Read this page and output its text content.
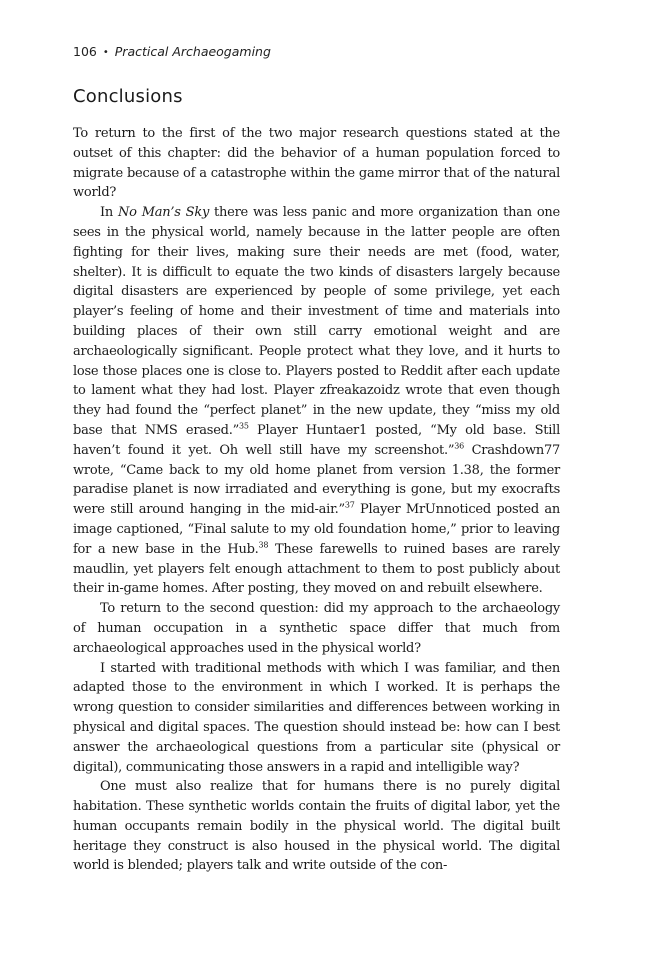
106 • Practical Archaeogaming
Conclusions

To return to the first of the two major research questions stated at the outset of this chapter: did the behavior of a human population forced to migrate because of a catastrophe within the game mirror that of the natural world?

In No Man’s Sky there was less panic and more organization than one sees in the physical world, namely because in the latter people are often fighting for their lives, making sure their needs are met (food, water, shelter). It is difficult to equate the two kinds of disasters largely because digital disasters are experienced by people of some privilege, yet each player’s feeling of home and their investment of time and materials into building places of their own still carry emotional weight and are archaeologically significant. People protect what they love, and it hurts to lose those places one is close to. Players posted to Reddit after each update to lament what they had lost. Player zfreakazoidz wrote that even though they had found the “perfect planet” in the new update, they “miss my old base that NMS erased.”$^{35}$ Player Huntaer1 posted, “My old base. Still haven’t found it yet. Oh well still have my screenshot.”$^{36}$ Crashdown77 wrote, “Came back to my old home planet from version 1.38, the former paradise planet is now irradiated and everything is gone, but my exocrafts were still around hanging in the mid-air.”$^{37}$ Player MrUnnoticed posted an image captioned, “Final salute to my old foundation home,” prior to leaving for a new base in the Hub.$^{38}$ These farewells to ruined bases are rarely maudlin, yet players felt enough attachment to them to post publicly about their in-game homes. After posting, they moved on and rebuilt elsewhere.

To return to the second question: did my approach to the archaeology of human occupation in a synthetic space differ that much from archaeological approaches used in the physical world?

I started with traditional methods with which I was familiar, and then adapted those to the environment in which I worked. It is perhaps the wrong question to consider similarities and differences between working in physical and digital spaces. The question should instead be: how can I best answer the archaeological questions from a particular site (physical or digital), communicating those answers in a rapid and intelligible way?

One must also realize that for humans there is no purely digital habitation. These synthetic worlds contain the fruits of digital labor, yet the human occupants remain bodily in the physical world. The digital built heritage they construct is also housed in the physical world. The digital world is blended; players talk and write outside of the con-
